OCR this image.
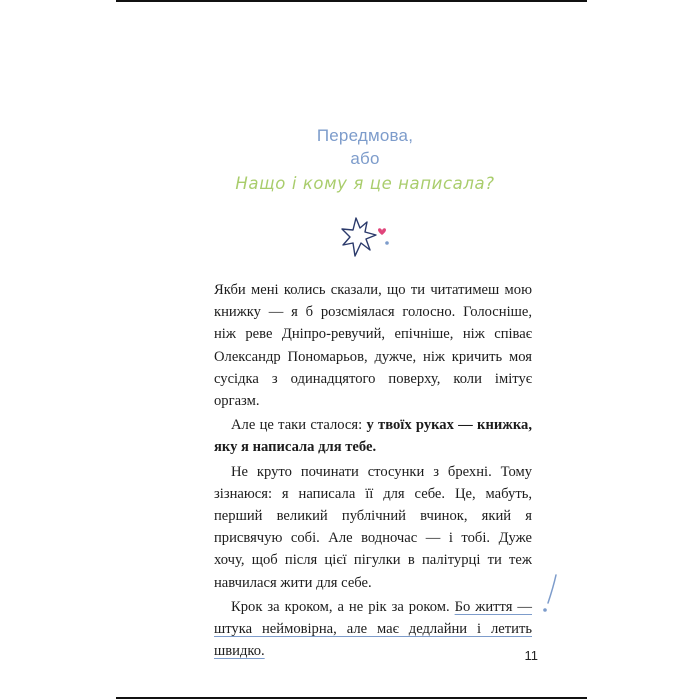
Передмова,
або
Нащо і кому я це написала?

Якби мені колись сказали, що ти читатимеш мою книжку — я б розсміялася голосно. Голосніше, ніж реве Дніпро-ревучий, епічніше, ніж співає Олександр Пономарьов, дужче, ніж кричить моя сусідка з одинадцятого поверху, коли імітує оргазм.

Але це таки сталося: у твоїх руках — книжка, яку я написала для тебе.

Не круто починати стосунки з брехні. Тому зізнаюся: я написала її для себе. Це, мабуть, перший великий публічний вчинок, який я присвячую собі. Але водночас — і тобі. Дуже хочу, щоб після цієї пігулки в палітурці ти теж навчилася жити для себе.

Крок за кроком, а не рік за роком. Бо життя — штука неймовірна, але має дедлайни і летить швидко.	11
